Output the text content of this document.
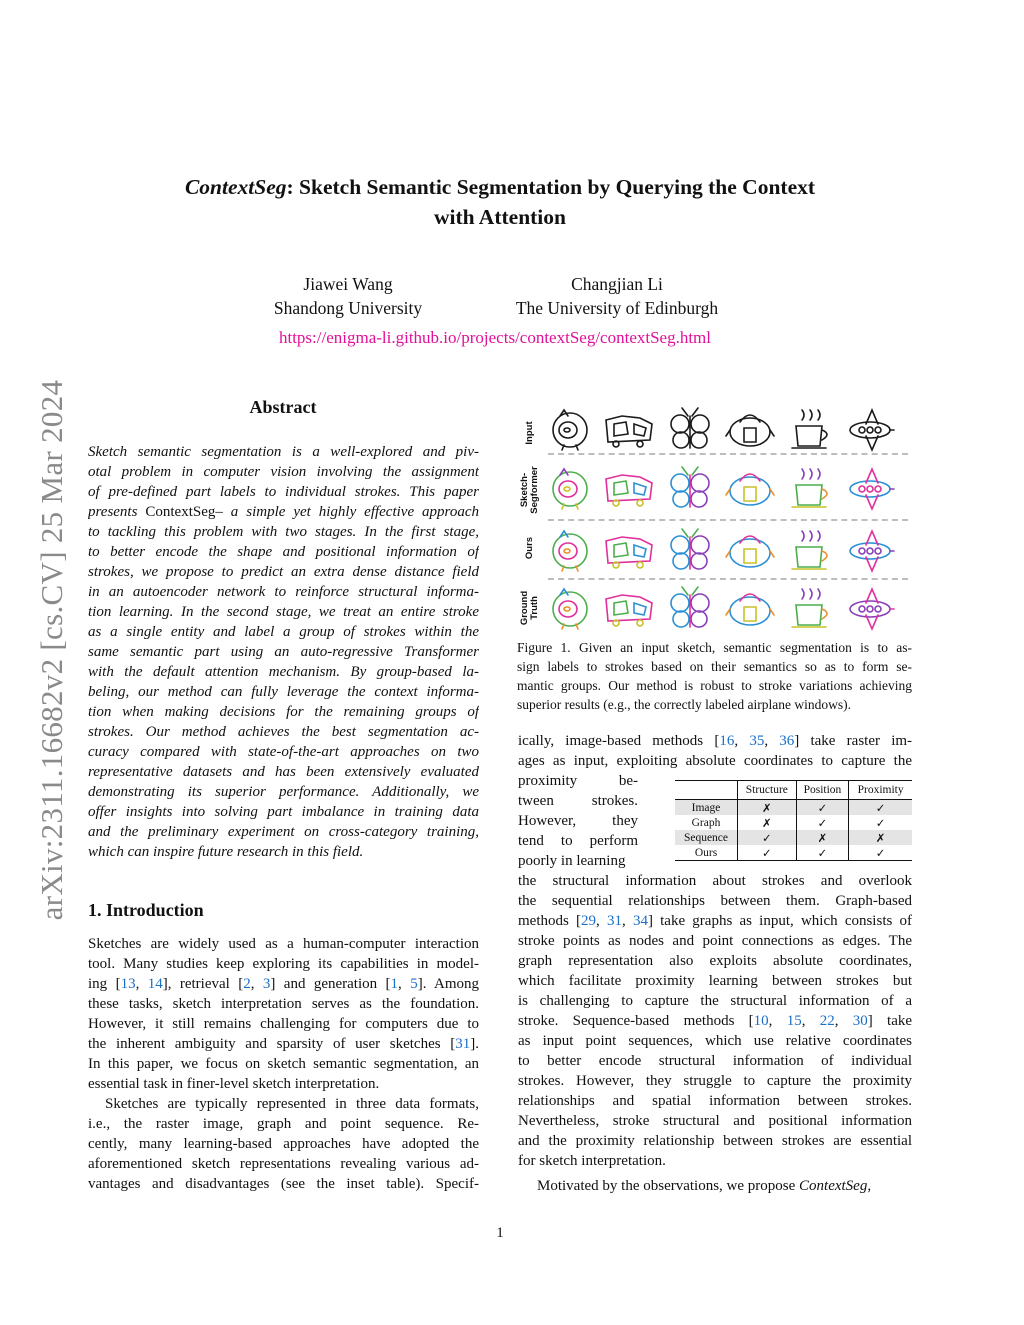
ContextSeg: Sketch Semantic Segmentation by Querying the Context
with Attention
Jiawei Wang
Shandong University
Changjian Li
The University of Edinburgh
https://enigma-li.github.io/projects/contextSeg/contextSeg.html
arXiv:2311.16682v2 [cs.CV] 25 Mar 2024	Abstract
Sketch semantic segmentation is a well-explored and piv-
otal problem in computer vision involving the assignment
of pre-defined part labels to individual strokes. This paper
presents ContextSeg– a simple yet highly effective approach
to tackling this problem with two stages. In the first stage,
to better encode the shape and positional information of
strokes, we propose to predict an extra dense distance field
in an autoencoder network to reinforce structural informa-
tion learning. In the second stage, we treat an entire stroke
as a single entity and label a group of strokes within the
same semantic part using an auto-regressive Transformer
with the default attention mechanism. By group-based la-
beling, our method can fully leverage the context informa-
tion when making decisions for the remaining groups of
strokes. Our method achieves the best segmentation ac-
curacy compared with state-of-the-art approaches on two
representative datasets and has been extensively evaluated
demonstrating its superior performance. Additionally, we
offer insights into solving part imbalance in training data
and the preliminary experiment on cross-category training,
which can inspire future research in this field.
1. Introduction
Sketches are widely used as a human-computer interaction
tool. Many studies keep exploring its capabilities in model-
ing [13, 14], retrieval [2, 3] and generation [1, 5]. Among
these tasks, sketch interpretation serves as the foundation.
However, it still remains challenging for computers due to
the inherent ambiguity and sparsity of user sketches [31].
In this paper, we focus on sketch semantic segmentation, an
essential task in finer-level sketch interpretation.
Sketches are typically represented in three data formats,
i.e., the raster image, graph and point sequence. Re-
cently, many learning-based approaches have adopted the
aforementioned sketch representations revealing various ad-
vantages and disadvantages (see the inset table). Specif-
Input
Sketch-
Segformer
Ours
Ground
Truth
Figure 1. Given an input sketch, semantic segmentation is to as-
sign labels to strokes based on their semantics so as to form se-
mantic groups. Our method is robust to stroke variations achieving
superior results (e.g., the correctly labeled airplane windows).
ically, image-based methods [16, 35, 36] take raster im-
ages as input, exploiting absolute coordinates to capture the
proximity be-
tween strokes.
However, they
tend to perform
poorly in learning
	Structure	Position	Proximity
Image	✗	✓	✓
Graph	✗	✓	✓
Sequence	✓	✗	✗
Ours	✓	✓	✓
the structural information about strokes and overlook
the sequential relationships between them. Graph-based
methods [29, 31, 34] take graphs as input, which consists of
stroke points as nodes and point connections as edges. The
graph representation also exploits absolute coordinates,
which facilitate proximity learning between strokes but
is challenging to capture the structural information of a
stroke. Sequence-based methods [10, 15, 22, 30] take
as input point sequences, which use relative coordinates
to better encode structural information of individual
strokes. However, they struggle to capture the proximity
relationships and spatial information between strokes.
Nevertheless, stroke structural and positional information
and the proximity relationship between strokes are essential
for sketch interpretation.
Motivated by the observations, we propose ContextSeg,
1
